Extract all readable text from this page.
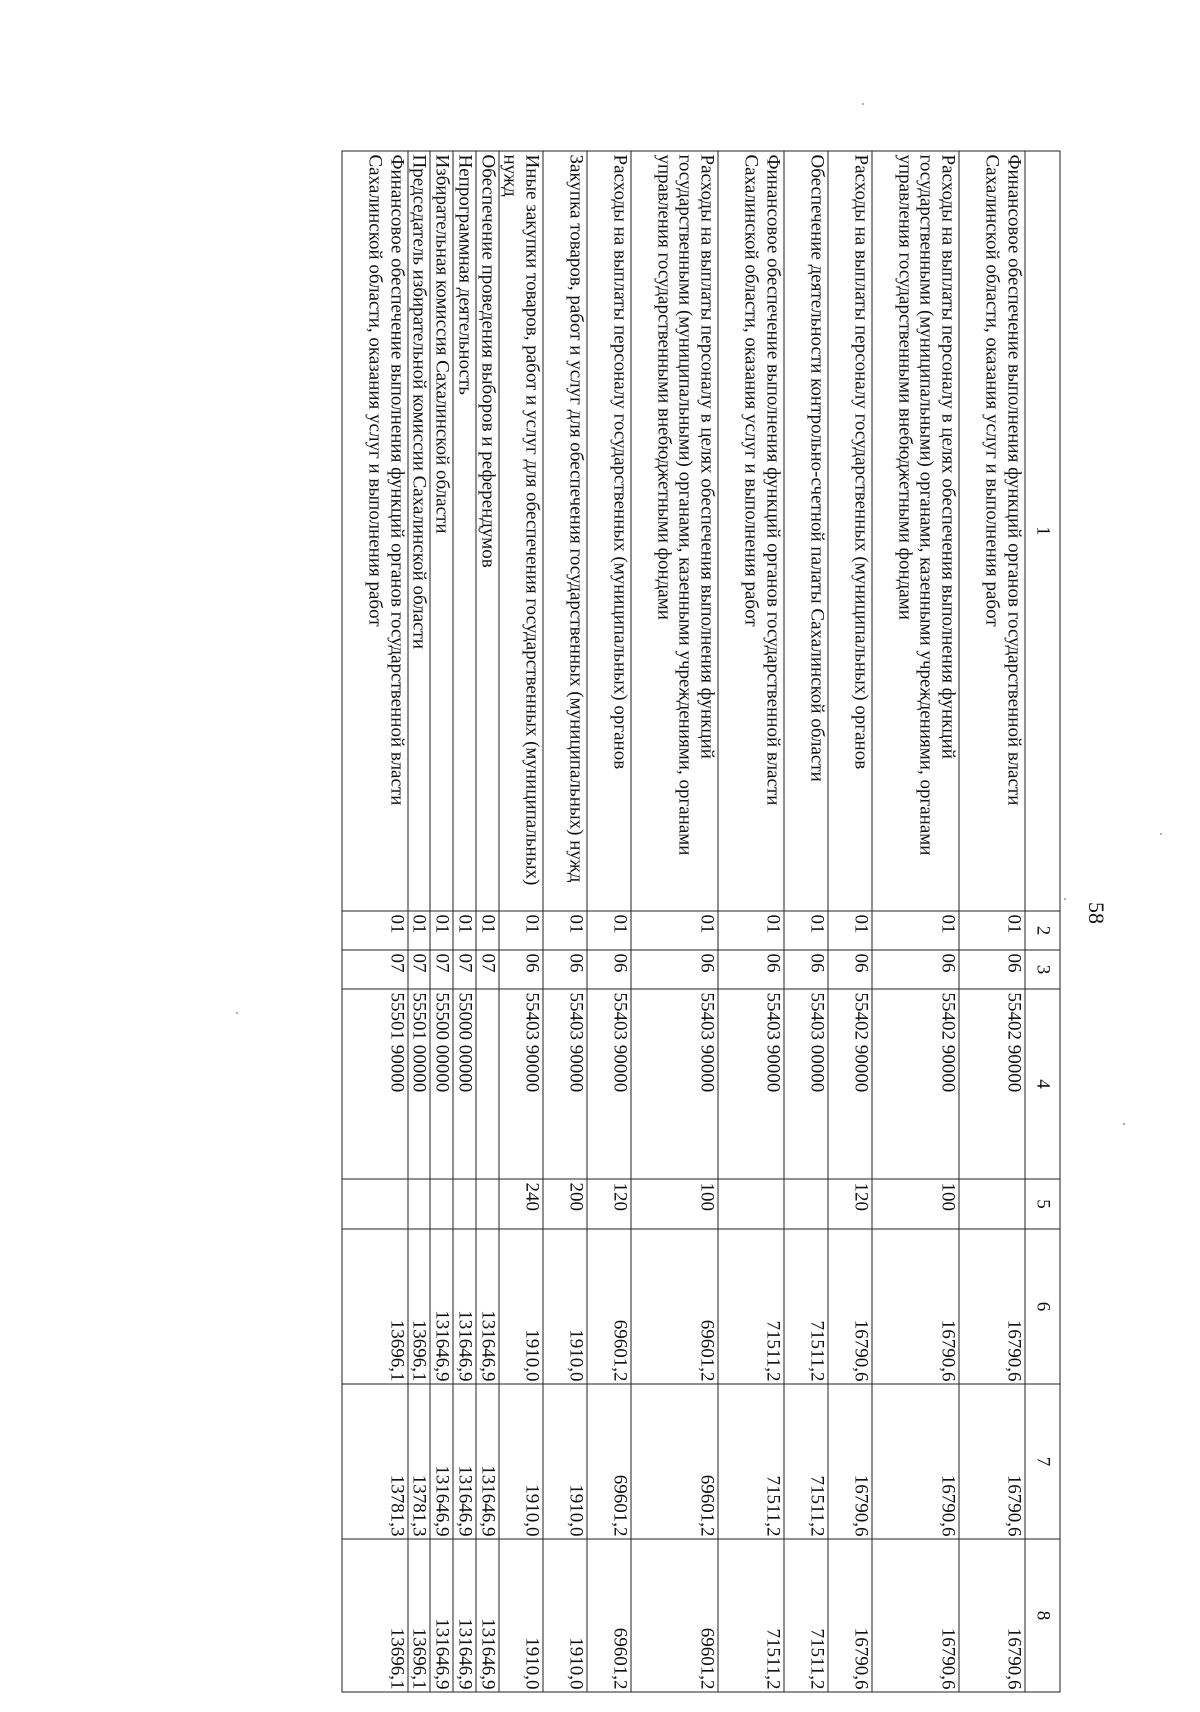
58
1	2	3	4	5	6	7	8
Финансовое обеспечение выполнения функций органов государственной власти Сахалинской области, оказания услуг и выполнения работ	01	06	55402 90000		16790,6	16790,6	16790,6
Расходы на выплаты персоналу в целях обеспечения выполнения функций государственными (муниципальными) органами, казенными учреждениями, органами управления государственными внебюджетными фондами	01	06	55402 90000	100	16790,6	16790,6	16790,6
Расходы на выплаты персоналу государственных (муниципальных) органов	01	06	55402 90000	120	16790,6	16790,6	16790,6
Обеспечение деятельности контрольно-счетной палаты Сахалинской области	01	06	55403 00000		71511,2	71511,2	71511,2
Финансовое обеспечение выполнения функций органов государственной власти Сахалинской области, оказания услуг и выполнения работ	01	06	55403 90000		71511,2	71511,2	71511,2
Расходы на выплаты персоналу в целях обеспечения выполнения функций государственными (муниципальными) органами, казенными учреждениями, органами управления государственными внебюджетными фондами	01	06	55403 90000	100	69601,2	69601,2	69601,2
Расходы на выплаты персоналу государственных (муниципальных) органов	01	06	55403 90000	120	69601,2	69601,2	69601,2
Закупка товаров, работ и услуг для обеспечения государственных (муниципальных) нужд	01	06	55403 90000	200	1910,0	1910,0	1910,0
Иные закупки товаров, работ и услуг для обеспечения государственных (муниципальных) нужд	01	06	55403 90000	240	1910,0	1910,0	1910,0
Обеспечение проведения выборов и референдумов	01	07			131646,9	131646,9	131646,9
Непрограммная деятельность	01	07	55000 00000		131646,9	131646,9	131646,9
Избирательная комиссия Сахалинской области	01	07	55500 00000		131646,9	131646,9	131646,9
Председатель избирательной комиссии Сахалинской области	01	07	55501 00000		13696,1	13781,3	13696,1
Финансовое обеспечение выполнения функций органов государственной власти Сахалинской области, оказания услуг и выполнения работ	01	07	55501 90000		13696,1	13781,3	13696,1
